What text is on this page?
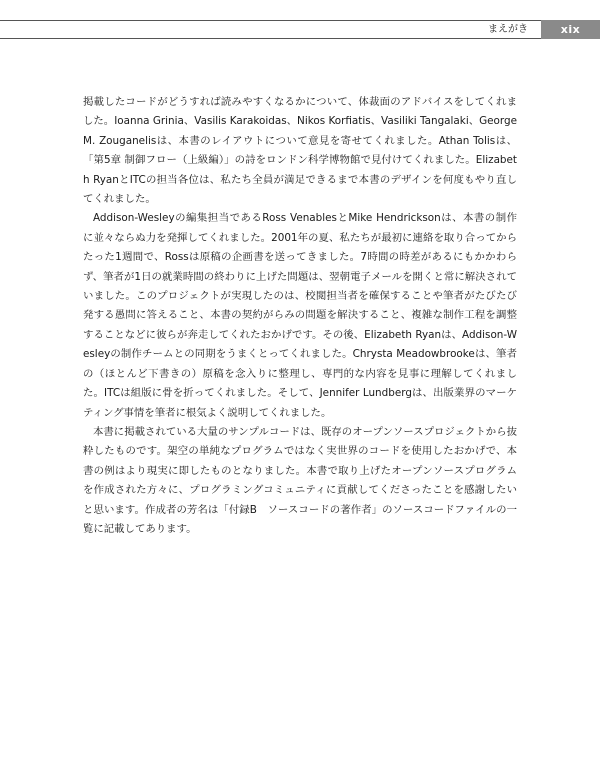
まえがき	xix

掲載したコードがどうすれば読みやすくなるかについて、体裁面のアドバイスをしてくれました。Ioanna Grinia、Vasilis Karakoidas、Nikos Korfiatis、Vasiliki Tangalaki、George M. Zouganelisは、本書のレイアウトについて意見を寄せてくれました。Athan Tolisは、「第5章 制御フロー（上級編）」の詩をロンドン科学博物館で見付けてくれました。Elizabeth RyanとITCの担当各位は、私たち全員が満足できるまで本書のデザインを何度もやり直してくれました。

Addison-Wesleyの編集担当であるRoss VenablesとMike Hendricksonは、本書の制作に並々ならぬ力を発揮してくれました。2001年の夏、私たちが最初に連絡を取り合ってからたった1週間で、Rossは原稿の企画書を送ってきました。7時間の時差があるにもかかわらず、筆者が1日の就業時間の終わりに上げた問題は、翌朝電子メールを開くと常に解決されていました。このプロジェクトが実現したのは、校閲担当者を確保することや筆者がたびたび発する愚問に答えること、本書の契約がらみの問題を解決すること、複雑な制作工程を調整することなどに彼らが奔走してくれたおかげです。その後、Elizabeth Ryanは、Addison-Wesleyの制作チームとの同期をうまくとってくれました。Chrysta Meadowbrookeは、筆者の（ほとんど下書きの）原稿を念入りに整理し、専門的な内容を見事に理解してくれました。ITCは組版に骨を折ってくれました。そして、Jennifer Lundbergは、出版業界のマーケティング事情を筆者に根気よく説明してくれました。

本書に掲載されている大量のサンプルコードは、既存のオープンソースプロジェクトから抜粋したものです。架空の単純なプログラムではなく実世界のコードを使用したおかげで、本書の例はより現実に即したものとなりました。本書で取り上げたオープンソースプログラムを作成された方々に、プログラミングコミュニティに貢献してくださったことを感謝したいと思います。作成者の芳名は「付録B　ソースコードの著作者」のソースコードファイルの一覧に記載してあります。
